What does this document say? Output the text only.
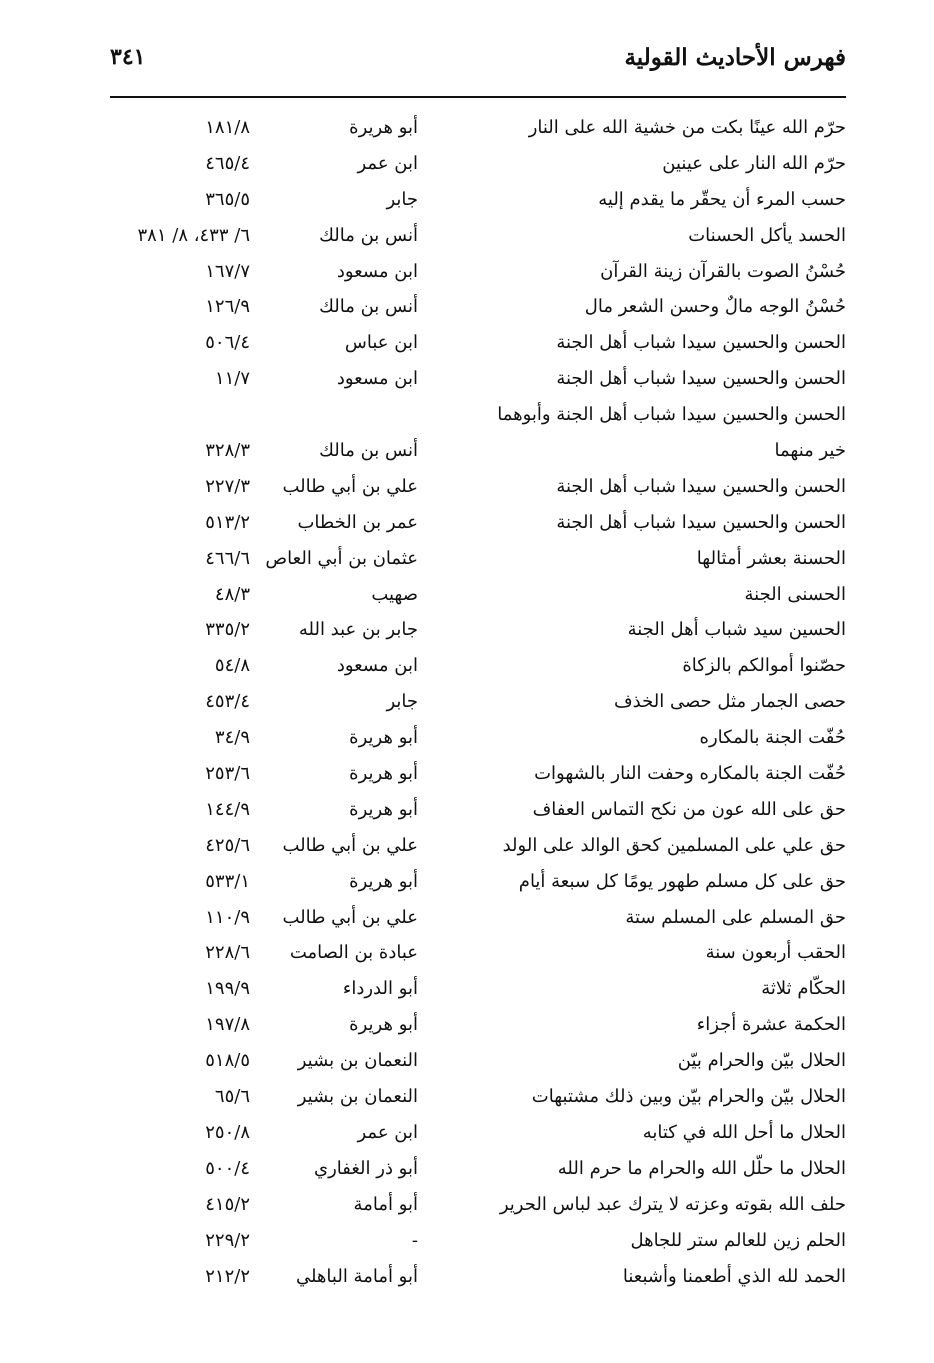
فهرس الأحاديث القولية
٣٤١
حرّم الله عينًا بكت من خشية الله على النار
أبو هريرة
١٨١/٨
حرّم الله النار على عينين
ابن عمر
٤٦٥/٤
حسب المرء أن يحقّر ما يقدم إليه
جابر
٣٦٥/٥
الحسد يأكل الحسنات
أنس بن مالك
٦/ ٤٣٣، ٨/ ٣٨١
حُسْنُ الصوت بالقرآن زينة القرآن
ابن مسعود
١٦٧/٧
حُسْنُ الوجه مالٌ وحسن الشعر مال
أنس بن مالك
١٢٦/٩
الحسن والحسين سيدا شباب أهل الجنة
ابن عباس
٥٠٦/٤
الحسن والحسين سيدا شباب أهل الجنة
ابن مسعود
١١/٧
الحسن والحسين سيدا شباب أهل الجنة وأبوهما
خير منهما
أنس بن مالك
٣٢٨/٣
الحسن والحسين سيدا شباب أهل الجنة
علي بن أبي طالب
٢٢٧/٣
الحسن والحسين سيدا شباب أهل الجنة
عمر بن الخطاب
٥١٣/٢
الحسنة بعشر أمثالها
عثمان بن أبي العاص
٤٦٦/٦
الحسنى الجنة
صهيب
٤٨/٣
الحسين سيد شباب أهل الجنة
جابر بن عبد الله
٣٣٥/٢
حصّنوا أموالكم بالزكاة
ابن مسعود
٥٤/٨
حصى الجمار مثل حصى الخذف
جابر
٤٥٣/٤
حُفّت الجنة بالمكاره
أبو هريرة
٣٤/٩
حُفّت الجنة بالمكاره وحفت النار بالشهوات
أبو هريرة
٢٥٣/٦
حق على الله عون من نكح التماس العفاف
أبو هريرة
١٤٤/٩
حق علي على المسلمين كحق الوالد على الولد
علي بن أبي طالب
٤٢٥/٦
حق على كل مسلم طهور يومًا كل سبعة أيام
أبو هريرة
٥٣٣/١
حق المسلم على المسلم ستة
علي بن أبي طالب
١١٠/٩
الحقب أربعون سنة
عبادة بن الصامت
٢٢٨/٦
الحكّام ثلاثة
أبو الدرداء
١٩٩/٩
الحكمة عشرة أجزاء
أبو هريرة
١٩٧/٨
الحلال بيّن والحرام بيّن
النعمان بن بشير
٥١٨/٥
الحلال بيّن والحرام بيّن وبين ذلك مشتبهات
النعمان بن بشير
٦٥/٦
الحلال ما أحل الله في كتابه
ابن عمر
٢٥٠/٨
الحلال ما حلّل الله والحرام ما حرم الله
أبو ذر الغفاري
٥٠٠/٤
حلف الله بقوته وعزته لا يترك عبد لباس الحرير
أبو أمامة
٤١٥/٢
الحلم زين للعالم ستر للجاهل
-
٢٢٩/٢
الحمد لله الذي أطعمنا وأشبعنا
أبو أمامة الباهلي
٢١٢/٢
